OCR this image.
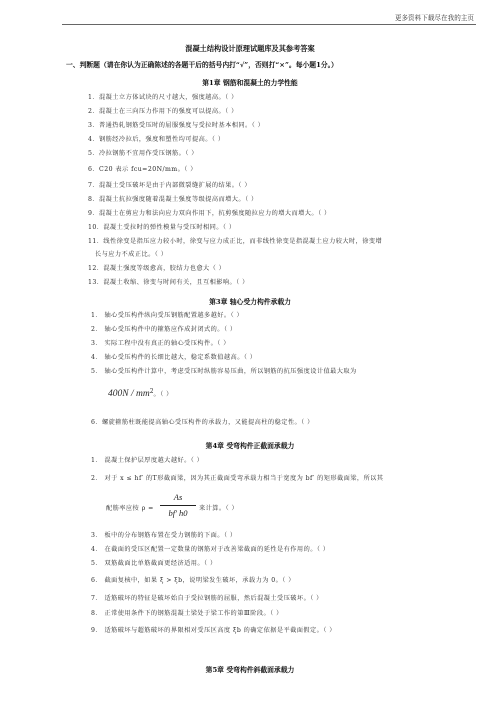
更多资料下载尽在我的主页
混凝土结构设计原理试题库及其参考答案
一、判断题（请在你认为正确陈述的各题干后的括号内打“√”，否则打“×”。每小题1分。）
第1章 钢筋和混凝土的力学性能
1．混凝土立方体试块的尺寸越大，强度越高。（ ）
2．混凝土在三向压力作用下的强度可以提高。（ ）
3．普通热轧钢筋受压时的屈服强度与受拉时基本相同。（ ）
4．钢筋经冷拉后，强度和塑性均可提高。（ ）
5．冷拉钢筋不宜用作受压钢筋。（ ）
6．C20 表示 fcu=20N/mm。（ ）
7．混凝土受压破坏是由于内部微裂缝扩展的结果。（ ）
8．混凝土抗拉强度随着混凝土强度等级提高而增大。（ ）
9．混凝土在剪应力和法向应力双向作用下，抗剪强度随拉应力的增大而增大。（ ）
10．混凝土受拉时的弹性模量与受压时相同。（ ）
11．线性徐变是指压应力较小时，徐变与应力成正比，而非线性徐变是指混凝土应力较大时，徐变增
长与应力不成正比。（ ）
12．混凝土强度等级愈高，胶结力也愈大（ ）
13．混凝土收缩、徐变与时间有关，且互相影响。（ ）
第3章 轴心受力构件承载力
1． 轴心受压构件纵向受压钢筋配置越多越好。（ ）
2． 轴心受压构件中的箍筋应作成封闭式的。（ ）
3． 实际工程中没有真正的轴心受压构件。（ ）
4． 轴心受压构件的长细比越大，稳定系数值越高。（ ）
5． 轴心受压构件计算中，考虑受压时纵筋容易压曲，所以钢筋的抗压强度设计值最大取为
$400N / mm^2$。（ ）
6．螺旋箍筋柱既能提高轴心受压构件的承载力，又能提高柱的稳定性。（ ）
第4章 受弯构件正截面承载力
1． 混凝土保护层厚度越大越好。（ ）
2． 对于 x ≤ hf′ 的T形截面梁，因为其正截面受弯承载力相当于宽度为 bf′ 的矩形截面梁，所以其
配筋率应按 ρ =
As
bf′ h0	来计算。（ ）
3． 板中的分布钢筋布置在受力钢筋的下面。（ ）
4． 在截面的受压区配置一定数量的钢筋对于改善梁截面的延性是有作用的。（ ）
5． 双筋截面比单筋截面更经济适用。（ ）
6． 截面复核中，如果 ξ > ξb，说明梁发生破坏，承载力为 0。（ ）
7． 适筋破坏的特征是破坏始自于受拉钢筋的屈服，然后混凝土受压破坏。（ ）
8． 正常使用条件下的钢筋混凝土梁处于梁工作的第Ⅲ阶段。（ ）
9． 适筋破坏与超筋破坏的界限相对受压区高度 ξb 的确定依据是平截面假定。（ ）
第5章 受弯构件斜截面承载力
